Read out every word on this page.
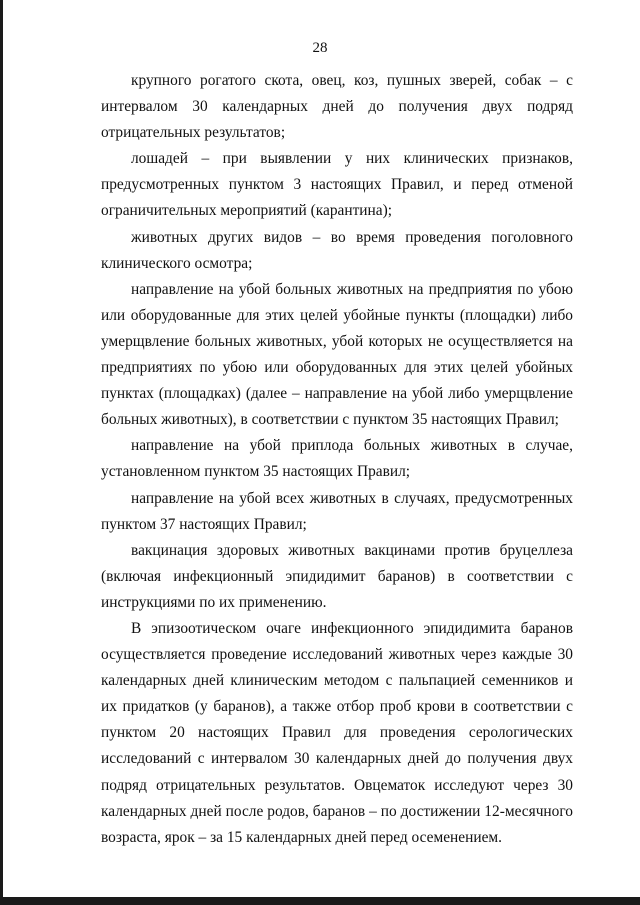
28

крупного рогатого скота, овец, коз, пушных зверей, собак – с интервалом 30 календарных дней до получения двух подряд отрицательных результатов;

лошадей – при выявлении у них клинических признаков, предусмотренных пунктом 3 настоящих Правил, и перед отменой ограничительных мероприятий (карантина);

животных других видов – во время проведения поголовного клинического осмотра;

направление на убой больных животных на предприятия по убою или оборудованные для этих целей убойные пункты (площадки) либо умерщвление больных животных, убой которых не осуществляется на предприятиях по убою или оборудованных для этих целей убойных пунктах (площадках) (далее – направление на убой либо умерщвление больных животных), в соответствии с пунктом 35 настоящих Правил;

направление на убой приплода больных животных в случае, установленном пунктом 35 настоящих Правил;

направление на убой всех животных в случаях, предусмотренных пунктом 37 настоящих Правил;

вакцинация здоровых животных вакцинами против бруцеллеза (включая инфекционный эпидидимит баранов) в соответствии с инструкциями по их применению.

В эпизоотическом очаге инфекционного эпидидимита баранов осуществляется проведение исследований животных через каждые 30 календарных дней клиническим методом с пальпацией семенников и их придатков (у баранов), а также отбор проб крови в соответствии с пунктом 20 настоящих Правил для проведения серологических исследований с интервалом 30 календарных дней до получения двух подряд отрицательных результатов. Овцематок исследуют через 30 календарных дней после родов, баранов – по достижении 12-месячного возраста, ярок – за 15 календарных дней перед осеменением.
